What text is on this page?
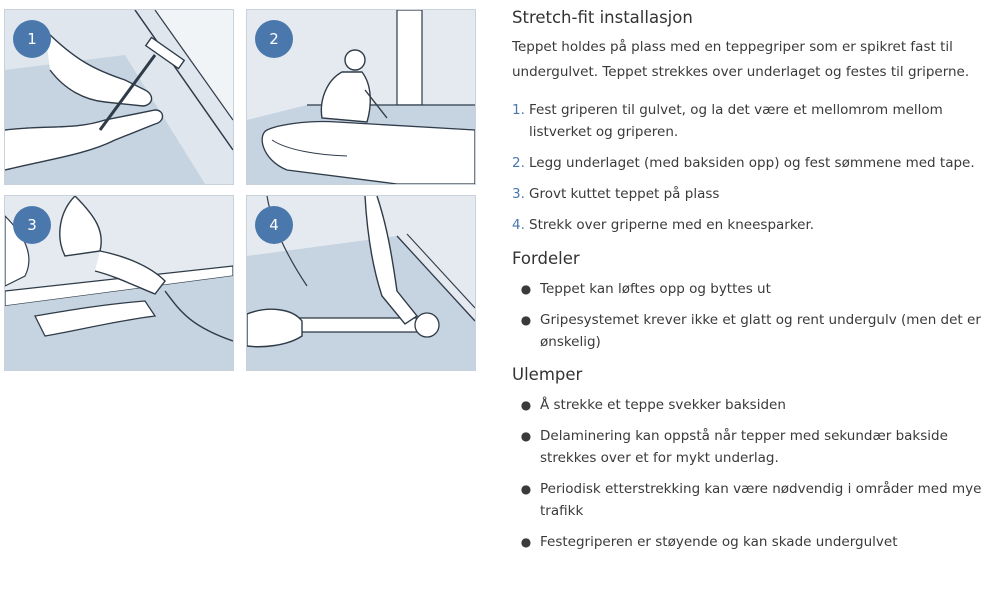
1	2
3	4
Stretch-fit installasjon

Teppet holdes på plass med en teppegriper som er spikret fast til undergulvet. Teppet strekkes over underlaget og festes til griperne.

1. Fest griperen til gulvet, og la det være et mellomrom mellom listverket og griperen.
2. Legg underlaget (med baksiden opp) og fest sømmene med tape.
3. Grovt kuttet teppet på plass
4. Strekk over griperne med en kneesparker.
Fordeler
● Teppet kan løftes opp og byttes ut
● Gripesystemet krever ikke et glatt og rent undergulv (men det er ønskelig)
Ulemper
● Å strekke et teppe svekker baksiden
● Delaminering kan oppstå når tepper med sekundær bakside strekkes over et for mykt underlag.
● Periodisk etterstrekking kan være nødvendig i områder med mye trafikk
● Festegriperen er støyende og kan skade undergulvet
